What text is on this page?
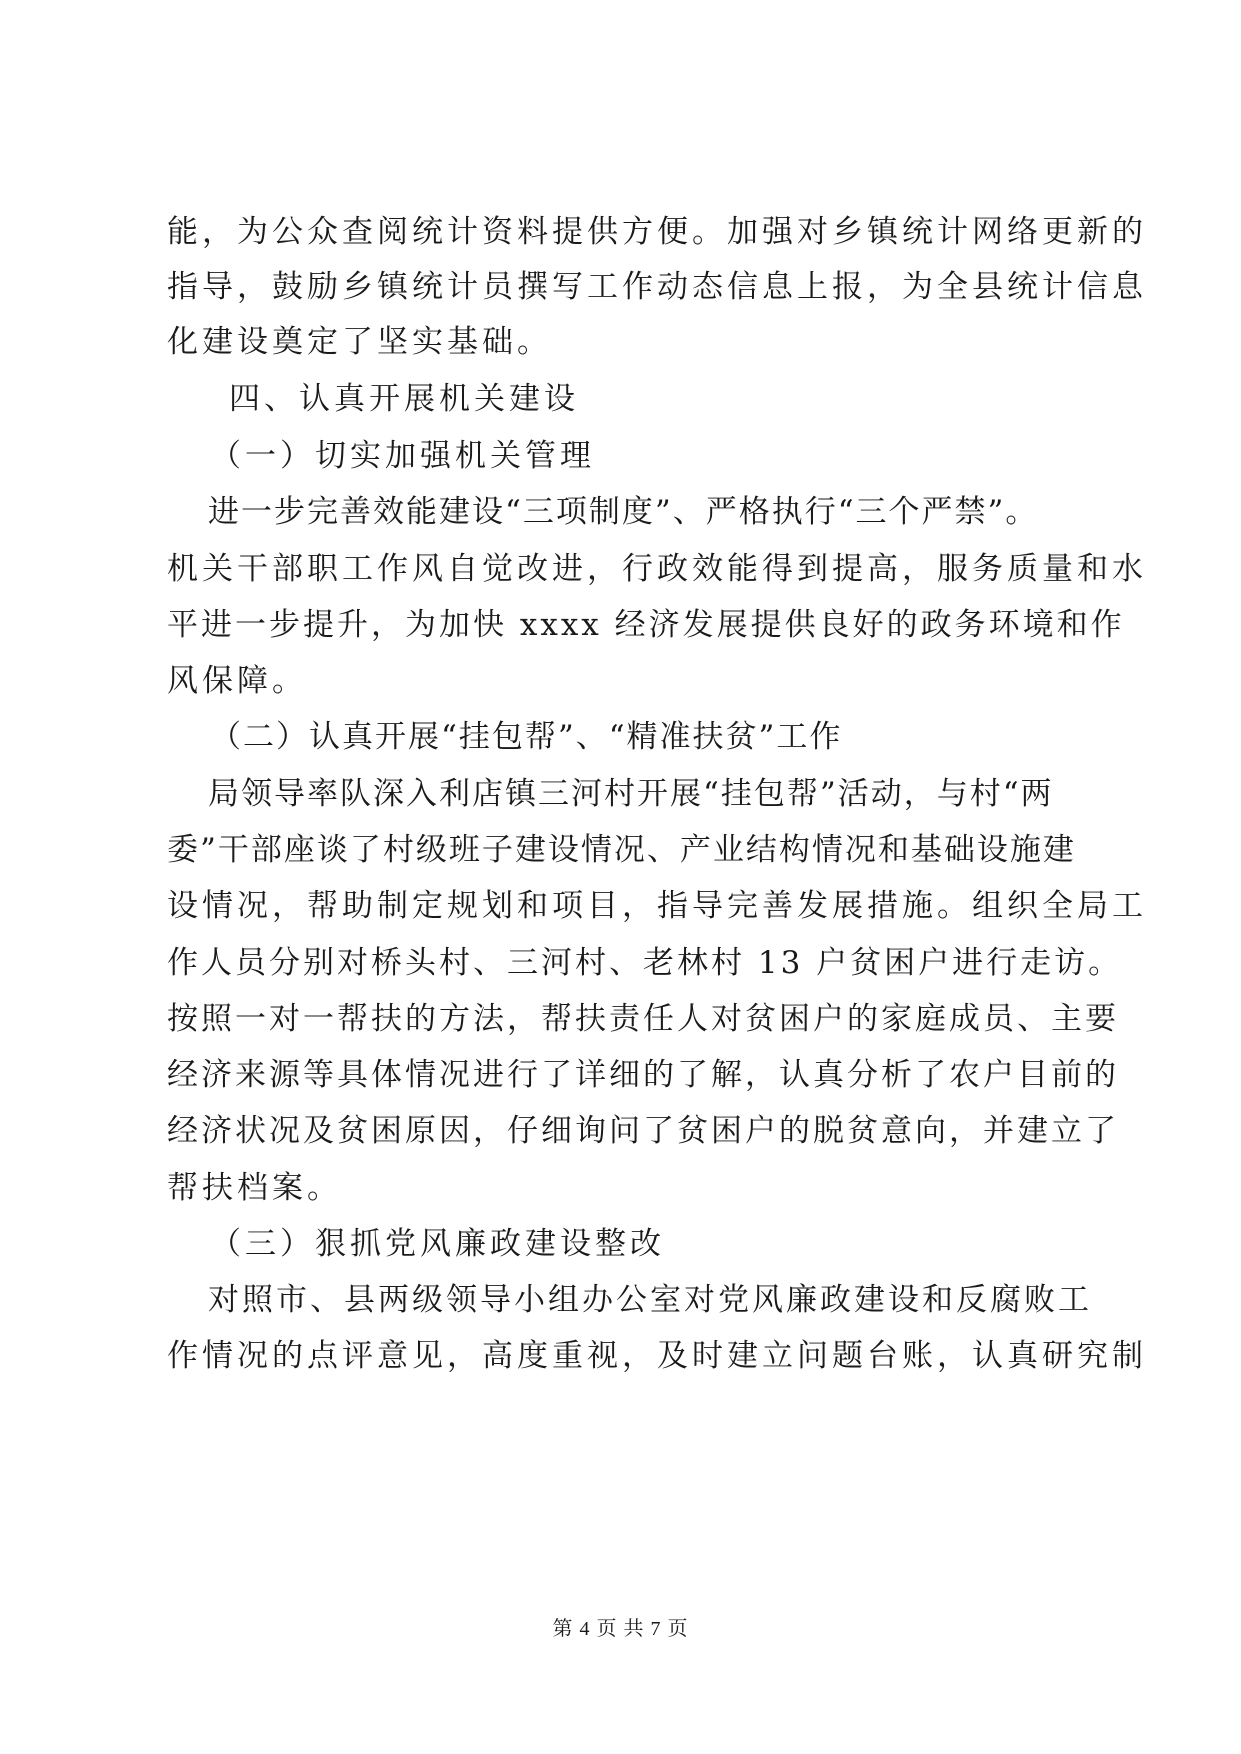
能，为公众查阅统计资料提供方便。加强对乡镇统计网络更新的
指导，鼓励乡镇统计员撰写工作动态信息上报，为全县统计信息
化建设奠定了坚实基础。
四、认真开展机关建设
（一）切实加强机关管理
进一步完善效能建设“三项制度”、严格执行“三个严禁”。
机关干部职工作风自觉改进，行政效能得到提高，服务质量和水
平进一步提升，为加快 xxxx 经济发展提供良好的政务环境和作
风保障。
（二）认真开展“挂包帮”、“精准扶贫”工作
局领导率队深入利店镇三河村开展“挂包帮”活动，与村“两
委”干部座谈了村级班子建设情况、产业结构情况和基础设施建
设情况，帮助制定规划和项目，指导完善发展措施。组织全局工
作人员分别对桥头村、三河村、老林村 13 户贫困户进行走访。
按照一对一帮扶的方法，帮扶责任人对贫困户的家庭成员、主要
经济来源等具体情况进行了详细的了解，认真分析了农户目前的
经济状况及贫困原因，仔细询问了贫困户的脱贫意向，并建立了
帮扶档案。
（三）狠抓党风廉政建设整改
对照市、县两级领导小组办公室对党风廉政建设和反腐败工
作情况的点评意见，高度重视，及时建立问题台账，认真研究制
第 4 页 共 7 页
